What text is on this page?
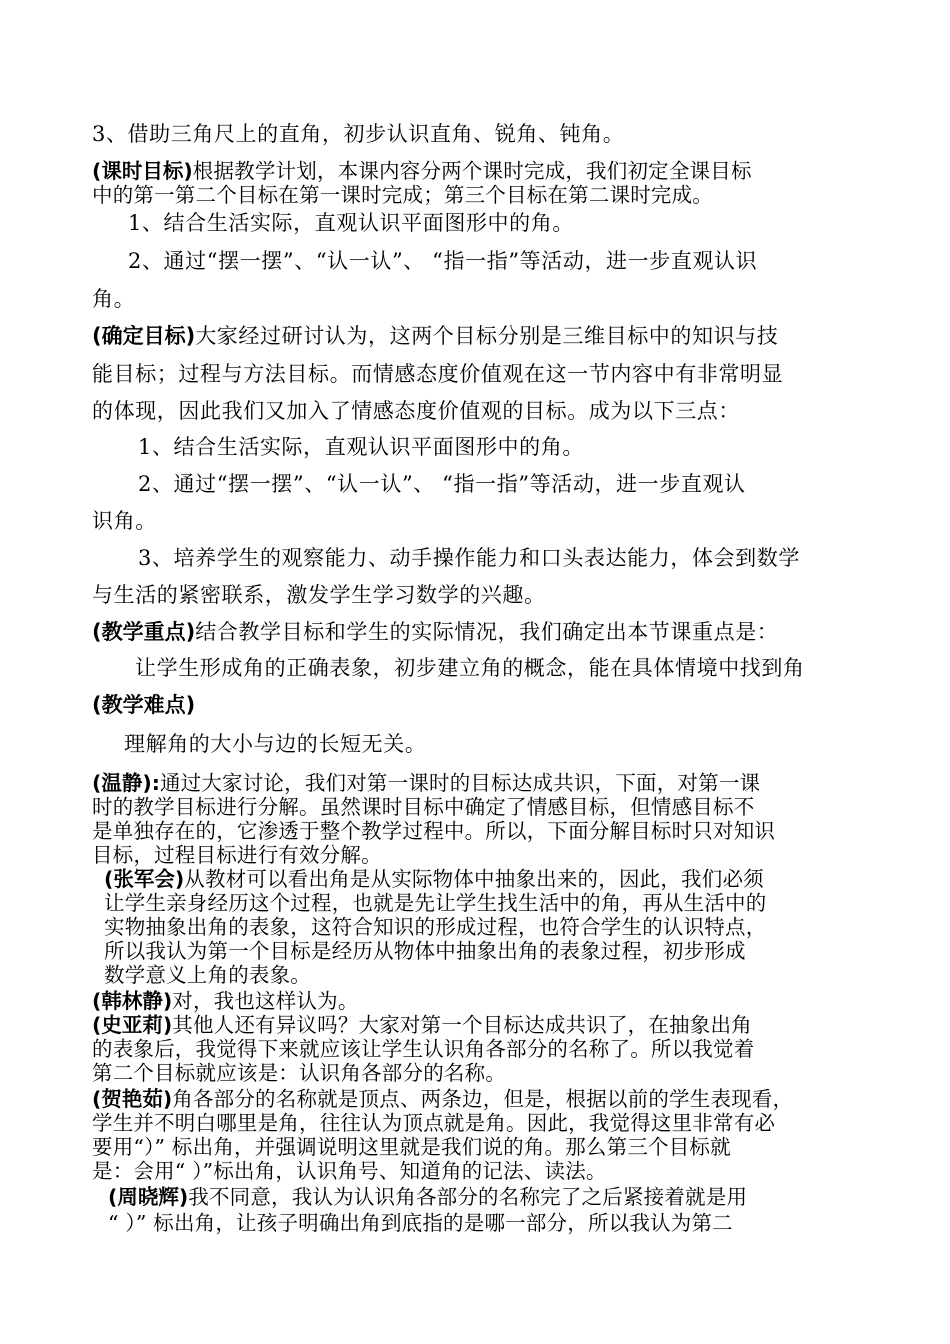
3、借助三角尺上的直角，初步认识直角、锐角、钝角。
(课时目标)根据教学计划，本课内容分两个课时完成，我们初定全课目标
中的第一第二个目标在第一课时完成；第三个目标在第二课时完成。
1、结合生活实际，直观认识平面图形中的角。
2、通过“摆一摆”、“认一认”、 “指一指”等活动，进一步直观认识
角。
(确定目标)大家经过研讨认为，这两个目标分别是三维目标中的知识与技
能目标；过程与方法目标。而情感态度价值观在这一节内容中有非常明显
的体现，因此我们又加入了情感态度价值观的目标。成为以下三点：
1、结合生活实际，直观认识平面图形中的角。
2、通过“摆一摆”、“认一认”、 “指一指”等活动，进一步直观认
识角。
3、培养学生的观察能力、动手操作能力和口头表达能力，体会到数学
与生活的紧密联系，激发学生学习数学的兴趣。
(教学重点)结合教学目标和学生的实际情况，我们确定出本节课重点是：
让学生形成角的正确表象，初步建立角的概念，能在具体情境中找到角
(教学难点)
理解角的大小与边的长短无关。
(温静):通过大家讨论，我们对第一课时的目标达成共识，下面，对第一课
时的教学目标进行分解。虽然课时目标中确定了情感目标，但情感目标不
是单独存在的，它渗透于整个教学过程中。所以，下面分解目标时只对知识
目标，过程目标进行有效分解。
(张军会)从教材可以看出角是从实际物体中抽象出来的，因此，我们必须
让学生亲身经历这个过程，也就是先让学生找生活中的角，再从生活中的
实物抽象出角的表象，这符合知识的形成过程，也符合学生的认识特点，
所以我认为第一个目标是经历从物体中抽象出角的表象过程，初步形成
数学意义上角的表象。
(韩林静)对，我也这样认为。
(史亚莉)其他人还有异议吗？大家对第一个目标达成共识了，在抽象出角
的表象后，我觉得下来就应该让学生认识角各部分的名称了。所以我觉着
第二个目标就应该是：认识角各部分的名称。
(贺艳茹)角各部分的名称就是顶点、两条边，但是，根据以前的学生表现看，
学生并不明白哪里是角，往往认为顶点就是角。因此，我觉得这里非常有必
要用“）” 标出角，并强调说明这里就是我们说的角。那么第三个目标就
是：会用“ ）”标出角，认识角号、知道角的记法、读法。
(周晓辉)我不同意，我认为认识角各部分的名称完了之后紧接着就是用
“ ）” 标出角，让孩子明确出角到底指的是哪一部分，所以我认为第二
